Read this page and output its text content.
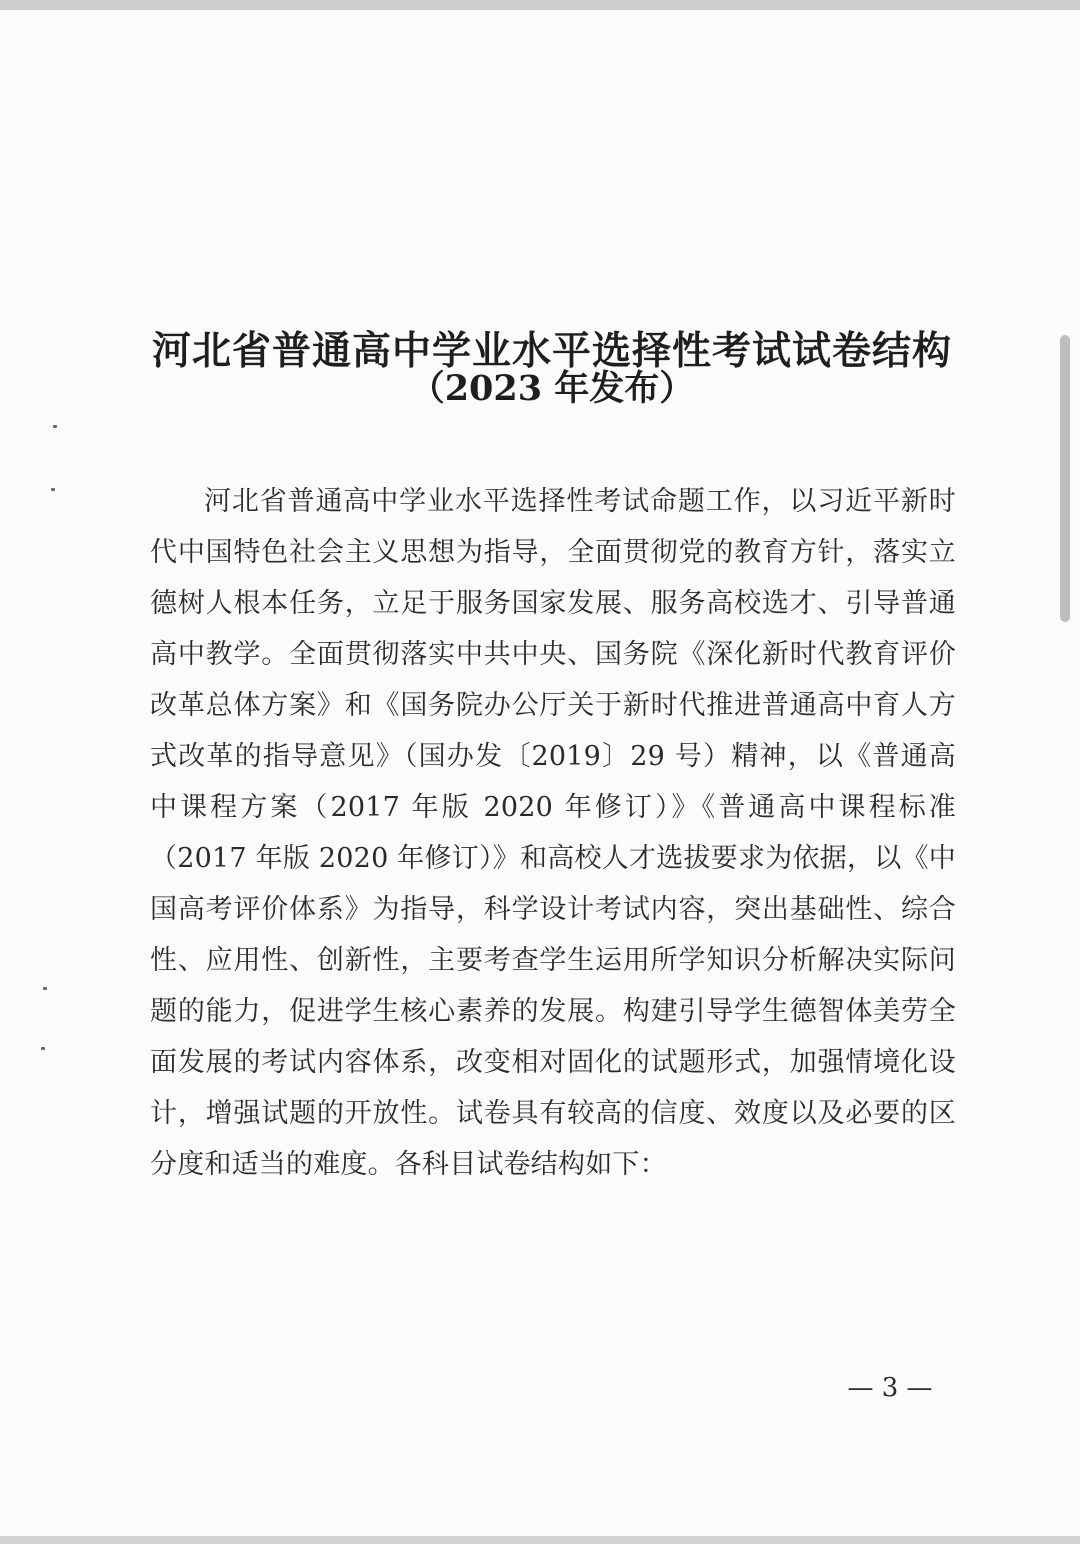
河北省普通高中学业水平选择性考试试卷结构
（2023 年发布）

河北省普通高中学业水平选择性考试命题工作，以习近平新时代中国特色社会主义思想为指导，全面贯彻党的教育方针，落实立德树人根本任务，立足于服务国家发展、服务高校选才、引导普通高中教学。全面贯彻落实中共中央、国务院《深化新时代教育评价改革总体方案》和《国务院办公厅关于新时代推进普通高中育人方式改革的指导意见》（国办发〔2019〕29 号）精神，以《普通高中课程方案（2017 年版 2020 年修订）》《普通高中课程标准（2017 年版 2020 年修订）》和高校人才选拔要求为依据，以《中国高考评价体系》为指导，科学设计考试内容，突出基础性、综合性、应用性、创新性，主要考查学生运用所学知识分析解决实际问题的能力，促进学生核心素养的发展。构建引导学生德智体美劳全面发展的考试内容体系，改变相对固化的试题形式，加强情境化设计，增强试题的开放性。试卷具有较高的信度、效度以及必要的区分度和适当的难度。各科目试卷结构如下：

— 3 —
